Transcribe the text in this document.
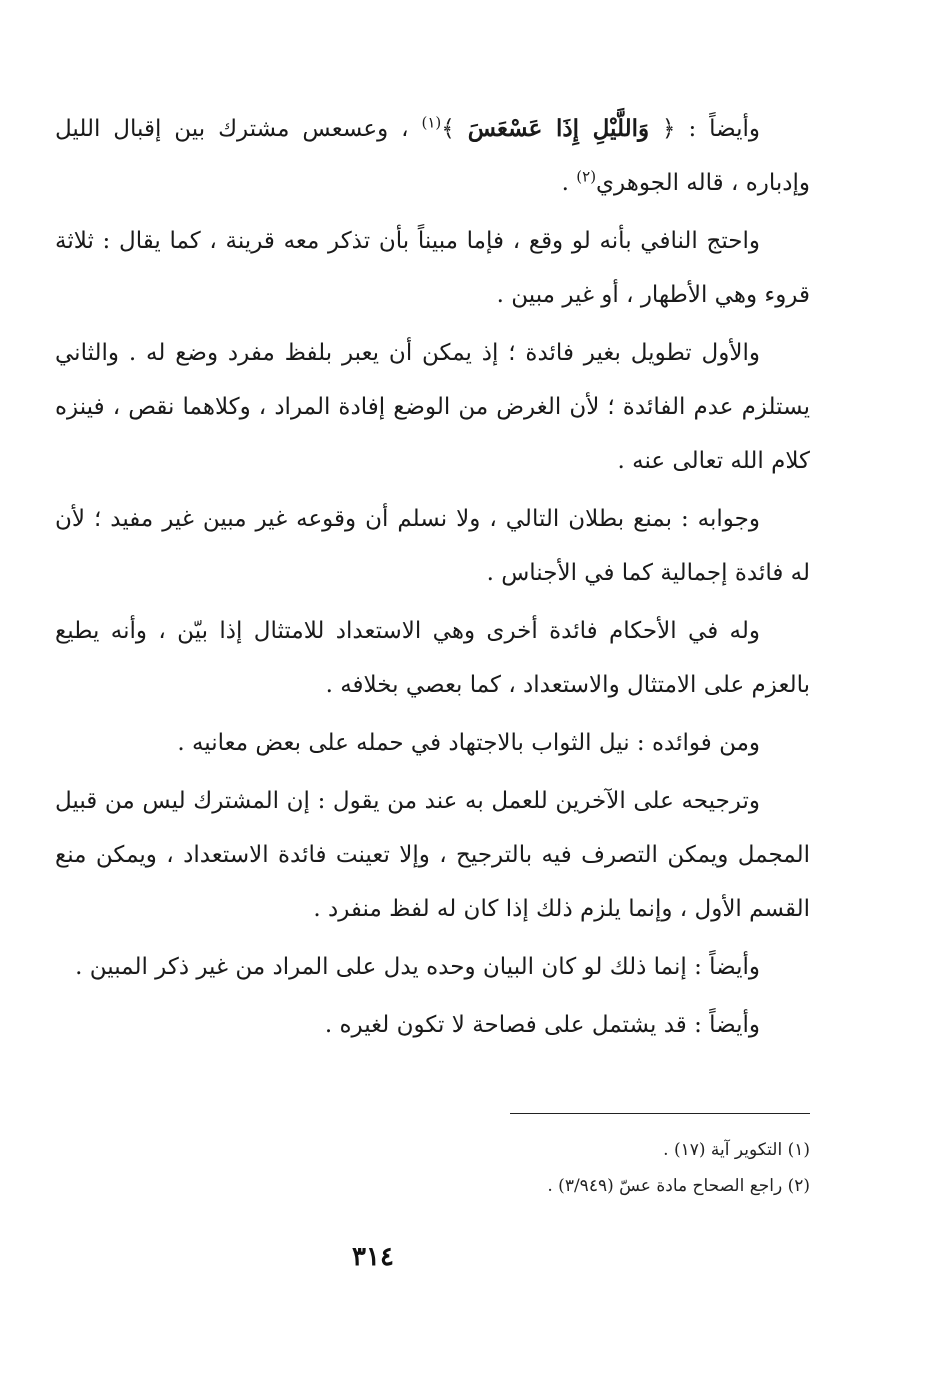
وأيضاً : ﴿ وَاللَّيْلِ إِذَا عَسْعَسَ ﴾$^{(١)}$ ، وعسعس مشترك بين إقبال الليل وإدباره ، قاله الجوهري$^{(٢)}$ .

واحتج النافي بأنه لو وقع ، فإما مبيناً بأن تذكر معه قرينة ، كما يقال : ثلاثة قروء وهي الأطهار ، أو غير مبين .

والأول تطويل بغير فائدة ؛ إذ يمكن أن يعبر بلفظ مفرد وضع له . والثاني يستلزم عدم الفائدة ؛ لأن الغرض من الوضع إفادة المراد ، وكلاهما نقص ، فينزه كلام الله تعالى عنه .

وجوابه : بمنع بطلان التالي ، ولا نسلم أن وقوعه غير مبين غير مفيد ؛ لأن له فائدة إجمالية كما في الأجناس .

وله في الأحكام فائدة أخرى وهي الاستعداد للامتثال إذا بيّن ، وأنه يطيع بالعزم على الامتثال والاستعداد ، كما بعصي بخلافه .

ومن فوائده : نيل الثواب بالاجتهاد في حمله على بعض معانيه .

وترجيحه على الآخرين للعمل به عند من يقول : إن المشترك ليس من قبيل المجمل ويمكن التصرف فيه بالترجيح ، وإلا تعينت فائدة الاستعداد ، ويمكن منع القسم الأول ، وإنما يلزم ذلك إذا كان له لفظ منفرد .

وأيضاً : إنما ذلك لو كان البيان وحده يدل على المراد من غير ذكر المبين .

وأيضاً : قد يشتمل على فصاحة لا تكون لغيره .

(١) التكوير آية (١٧) .

(٢) راجع الصحاح مادة عسّ (٣/٩٤٩) .

٣١٤
